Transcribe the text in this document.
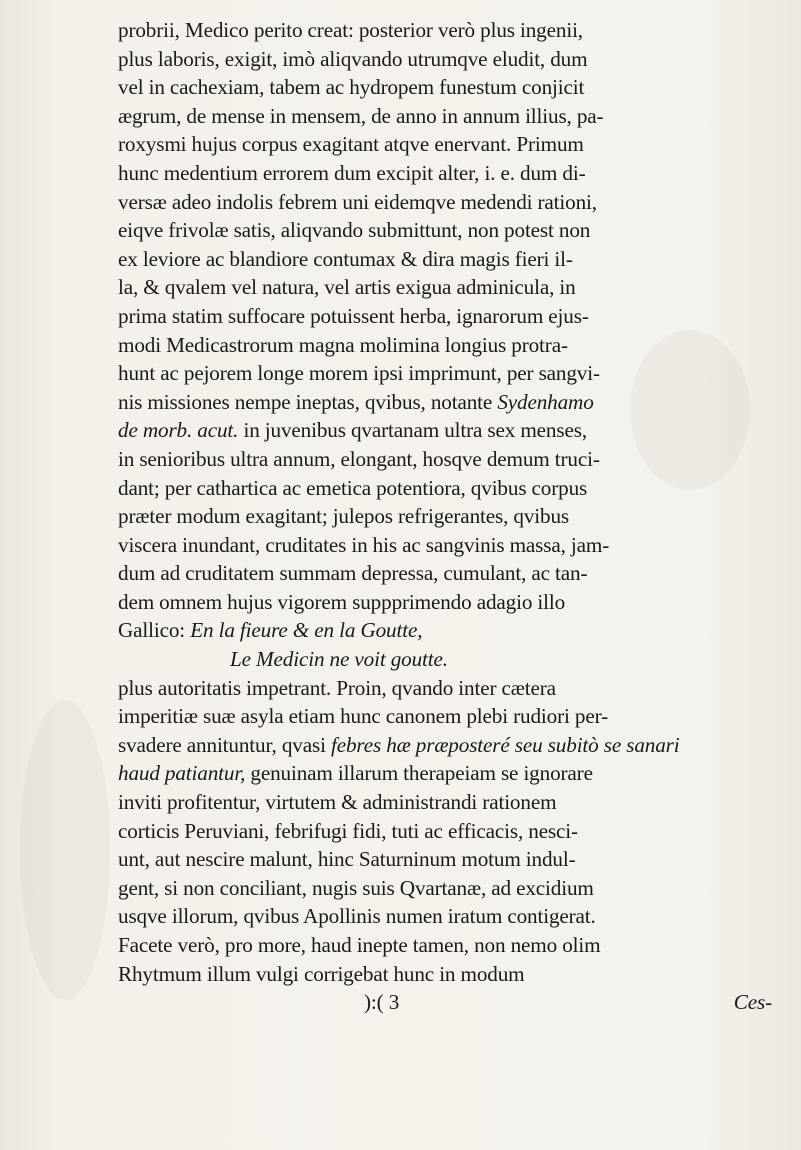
probrii, Medico perito creat: posterior verò plus ingenii,
plus laboris, exigit, imò aliqvando utrumqve eludit, dum
vel in cachexiam, tabem ac hydropem funestum conjicit
ægrum, de mense in mensem, de anno in annum illius, pa-
roxysmi hujus corpus exagitant atqve enervant. Primum
hunc medentium errorem dum excipit alter, i. e. dum di-
versæ adeo indolis febrem uni eidemqve medendi rationi,
eiqve frivolæ satis, aliqvando submittunt, non potest non
ex leviore ac blandiore contumax & dira magis fieri il-
la, & qvalem vel natura, vel artis exigua adminicula, in
prima statim suffocare potuissent herba, ignarorum ejus-
modi Medicastrorum magna molimina longius protra-
hunt ac pejorem longe morem ipsi imprimunt, per sangvi-
nis missiones nempe ineptas, qvibus, notante Sydenhamo
de morb. acut. in juvenibus qvartanam ultra sex menses,
in senioribus ultra annum, elongant, hosqve demum truci-
dant; per cathartica ac emetica potentiora, qvibus corpus
præter modum exagitant; julepos refrigerantes, qvibus
viscera inundant, cruditates in his ac sangvinis massa, jam-
dum ad cruditatem summam depressa, cumulant, ac tan-
dem omnem hujus vigorem suppprimendo adagio illo
Gallico: En la fieure & en la Goutte,
Le Medicin ne voit goutte.
plus autoritatis impetrant. Proin, qvando inter cætera
imperitiæ suæ asyla etiam hunc canonem plebi rudiori per-
svadere annituntur, qvasi febres hæ præposteré seu subitò se sanari
haud patiantur, genuinam illarum therapeiam se ignorare
inviti profitentur, virtutem & administrandi rationem
corticis Peruviani, febrifugi fidi, tuti ac efficacis, nesci-
unt, aut nescire malunt, hinc Saturninum motum indul-
gent, si non conciliant, nugis suis Qvartanæ, ad excidium
usqve illorum, qvibus Apollinis numen iratum contigerat.
Facete verò, pro more, haud inepte tamen, non nemo olim
Rhytmum illum vulgi corrigebat hunc in modum
):( 3	Ces-
